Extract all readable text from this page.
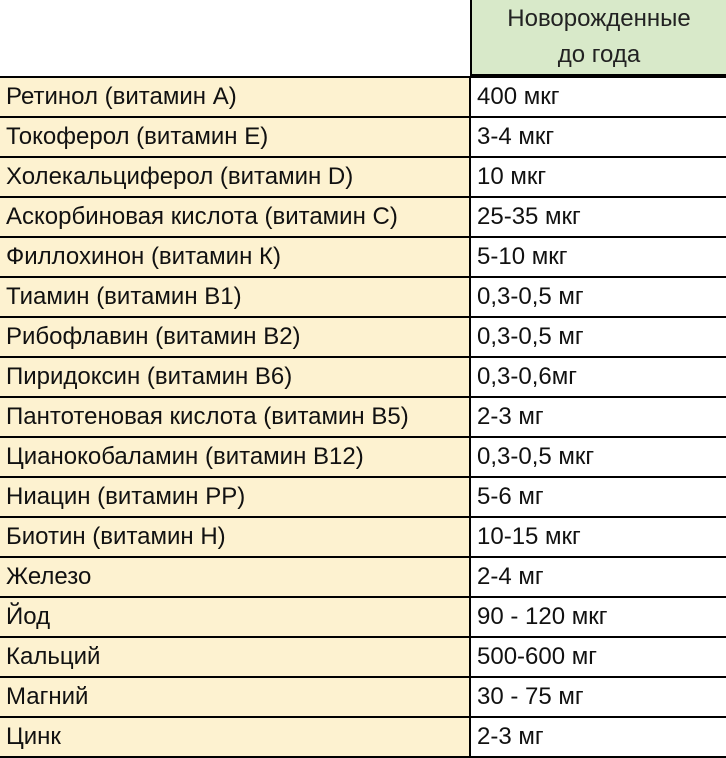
Новорожденные
до года
Ретинол (витамин А)	400 мкг
Токоферол (витамин Е)	3-4 мкг
Холекальциферол (витамин D)	10 мкг
Аскорбиновая кислота (витамин С)	25-35 мкг
Филлохинон (витамин К)	5-10 мкг
Тиамин (витамин В1)	0,3-0,5 мг
Рибофлавин (витамин В2)	0,3-0,5 мг
Пиридоксин (витамин В6)	0,3-0,6мг
Пантотеновая кислота (витамин В5)	2-3 мг
Цианокобаламин (витамин В12)	0,3-0,5 мкг
Ниацин (витамин РР)	5-6 мг
Биотин (витамин Н)	10-15 мкг
Железо	2-4 мг
Йод	90 - 120 мкг
Кальций	500-600 мг
Магний	30 - 75 мг
Цинк	2-3 мг
